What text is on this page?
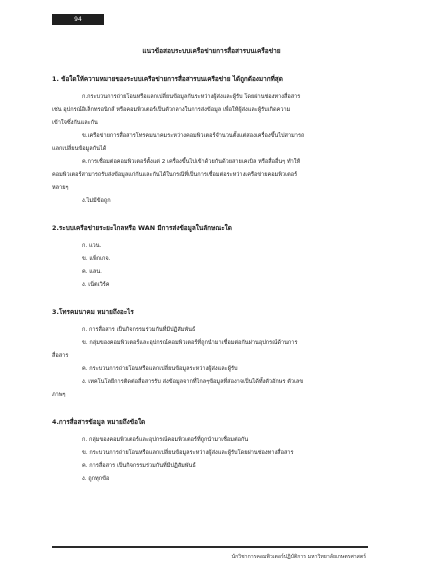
94
แนวข้อสอบระบบเครือข่ายการสื่อสารบนเครือข่าย
1. ข้อใดให้ความหมายของระบบเครือข่ายการสื่อสารบนเครือข่าย ได้ถูกต้องมากที่สุด
ก.กระบวนการถ่ายโอนหรือแลกเปลี่ยนข้อมูลกันระหว่างผู้ส่งและผู้รับ โดยผ่านช่องทางสื่อสาร
เช่น อุปกรณ์อิเล็กทรอนิกส์ หรือคอมพิวเตอร์เป็นตัวกลางในการส่งข้อมูล เพื่อให้ผู้ส่งและผู้รับเกิดความ
เข้าใจซึ่งกันและกัน
ข.เครือข่ายการสื่อสารโทรคมนาคมระหว่างคอมพิวเตอร์จำนวนตั้งแต่สองเครื่องขึ้นไปสามารถ
แลกเปลี่ยนข้อมูลกันได้
ค.การเชื่อมต่อคอมพิวเตอร์ตั้งแต่ 2 เครื่องขึ้นไปเข้าด้วยกันด้วยสายเคเบิล หรือสื่ออื่นๆ ทำให้
คอมพิวเตอร์สามารถรับส่งข้อมูลแก่กันและกันได้ในกรณีที่เป็นการเชื่อมต่อระหว่างเครือข่ายคอมพิวเตอร์
หลายๆ
ง.ไม่มีข้อถูก
2.ระบบเครือข่ายระยะไกลหรือ WAN มีการส่งข้อมูลในลักษณะใด
ก. แวน.
ข. แพ็กเกจ.
ค. แลน.
ง. เน็ตเวิร์ค
3.โทรคมนาคม หมายถึงอะไร
ก. การสื่อสาร เป็นกิจกรรมร่วมกันที่มีปฏิสัมพันธ์
ข. กลุ่มของคอมพิวเตอร์และอุปกรณ์คอมพิวเตอร์ที่ถูกนำมาเชื่อมต่อกันผ่านอุปกรณ์ด้านการ
สื่อสาร
ค. กระบวนการถ่ายโอนหรือแลกเปลี่ยนข้อมูลระหว่างผู้ส่งและผู้รับ
ง. เทคโนโลยีการติดต่อสื่อสารรับ ส่งข้อมูลจากที่ไกลๆข้อมูลที่ส่องาจเป็นได้ทั้งตัวอักษร ตัวเลข
ภาพๆ
4.การสื่อสารข้อมูล หมายถึงข้อใด
ก. กลุ่มของคอมพิวเตอร์และอุปกรณ์คอมพิวเตอร์ที่ถูกนำมาเชื่อมต่อกัน
ข. กระบวนการถ่ายโอนหรือแลกเปลี่ยนข้อมูลระหว่างผู้ส่งและผู้รับโดยผ่านช่องทางสื่อสาร
ค. การสื่อสาร เป็นกิจกรรมร่วมกันที่มีปฏิสัมพันธ์
ง. ถูกทุกข้อ
นักวิชาการคอมพิวเตอร์ปฏิบัติการ มหาวิทยาลัยเกษตรศาสตร์
